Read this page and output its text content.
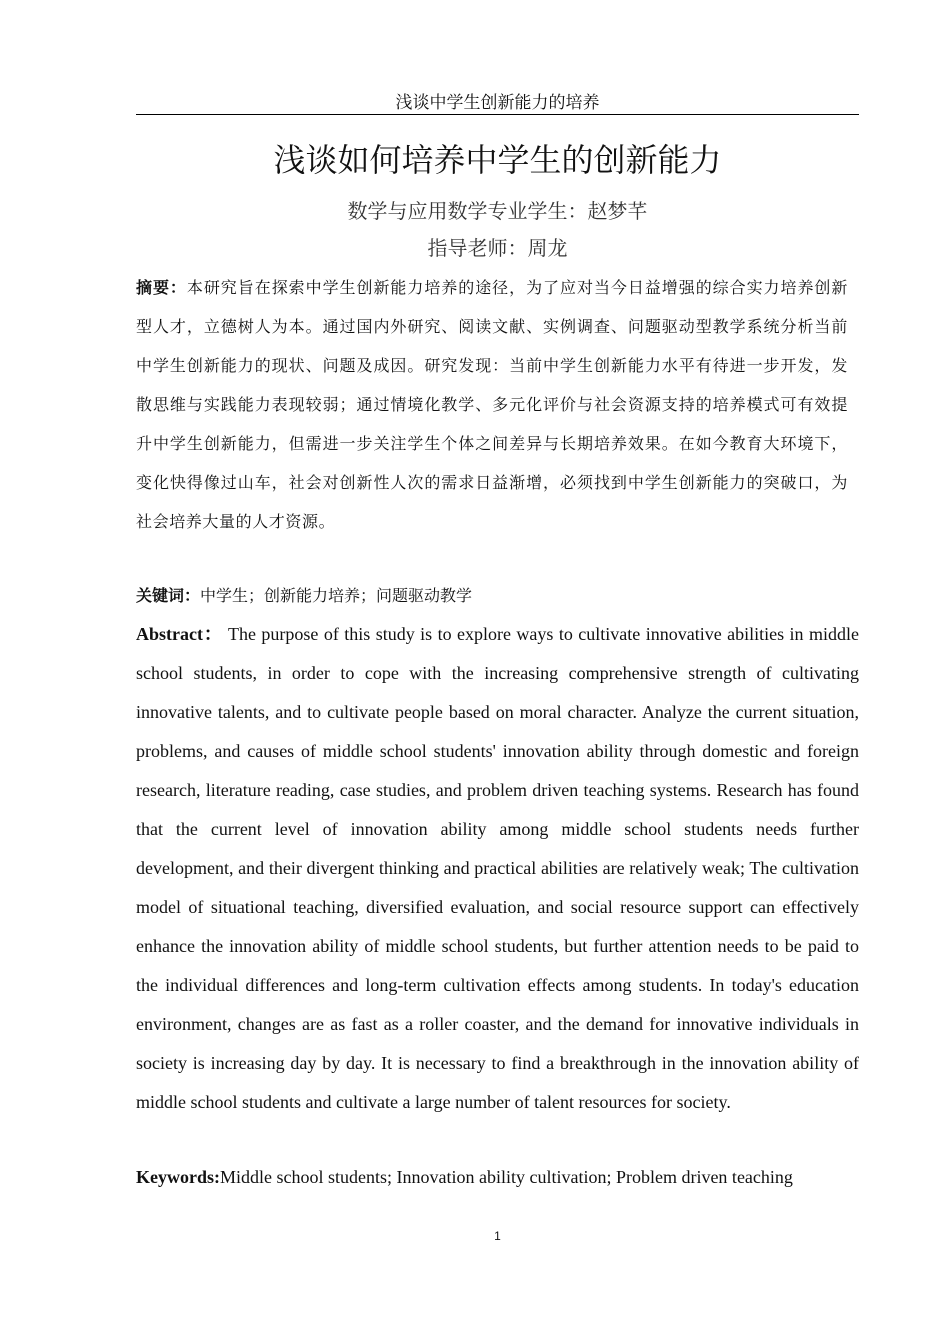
浅谈中学生创新能力的培养
浅谈如何培养中学生的创新能力
数学与应用数学专业学生：赵梦芊
指导老师：周龙

摘要：本研究旨在探索中学生创新能力培养的途径，为了应对当今日益增强的综合实力培养创新型人才，立德树人为本。通过国内外研究、阅读文献、实例调查、问题驱动型教学系统分析当前中学生创新能力的现状、问题及成因。研究发现：当前中学生创新能力水平有待进一步开发，发散思维与实践能力表现较弱；通过情境化教学、多元化评价与社会资源支持的培养模式可有效提升中学生创新能力，但需进一步关注学生个体之间差异与长期培养效果。在如今教育大环境下，变化快得像过山车，社会对创新性人次的需求日益渐增，必须找到中学生创新能力的突破口，为社会培养大量的人才资源。

关键词：中学生；创新能力培养；问题驱动教学

Abstract： The purpose of this study is to explore ways to cultivate innovative abilities in middle school students, in order to cope with the increasing comprehensive strength of cultivating innovative talents, and to cultivate people based on moral character. Analyze the current situation, problems, and causes of middle school students' innovation ability through domestic and foreign research, literature reading, case studies, and problem driven teaching systems. Research has found that the current level of innovation ability among middle school students needs further development, and their divergent thinking and practical abilities are relatively weak; The cultivation model of situational teaching, diversified evaluation, and social resource support can effectively enhance the innovation ability of middle school students, but further attention needs to be paid to the individual differences and long-term cultivation effects among students. In today's education environment, changes are as fast as a roller coaster, and the demand for innovative individuals in society is increasing day by day. It is necessary to find a breakthrough in the innovation ability of middle school students and cultivate a large number of talent resources for society.

Keywords:Middle school students; Innovation ability cultivation; Problem driven teaching

1
